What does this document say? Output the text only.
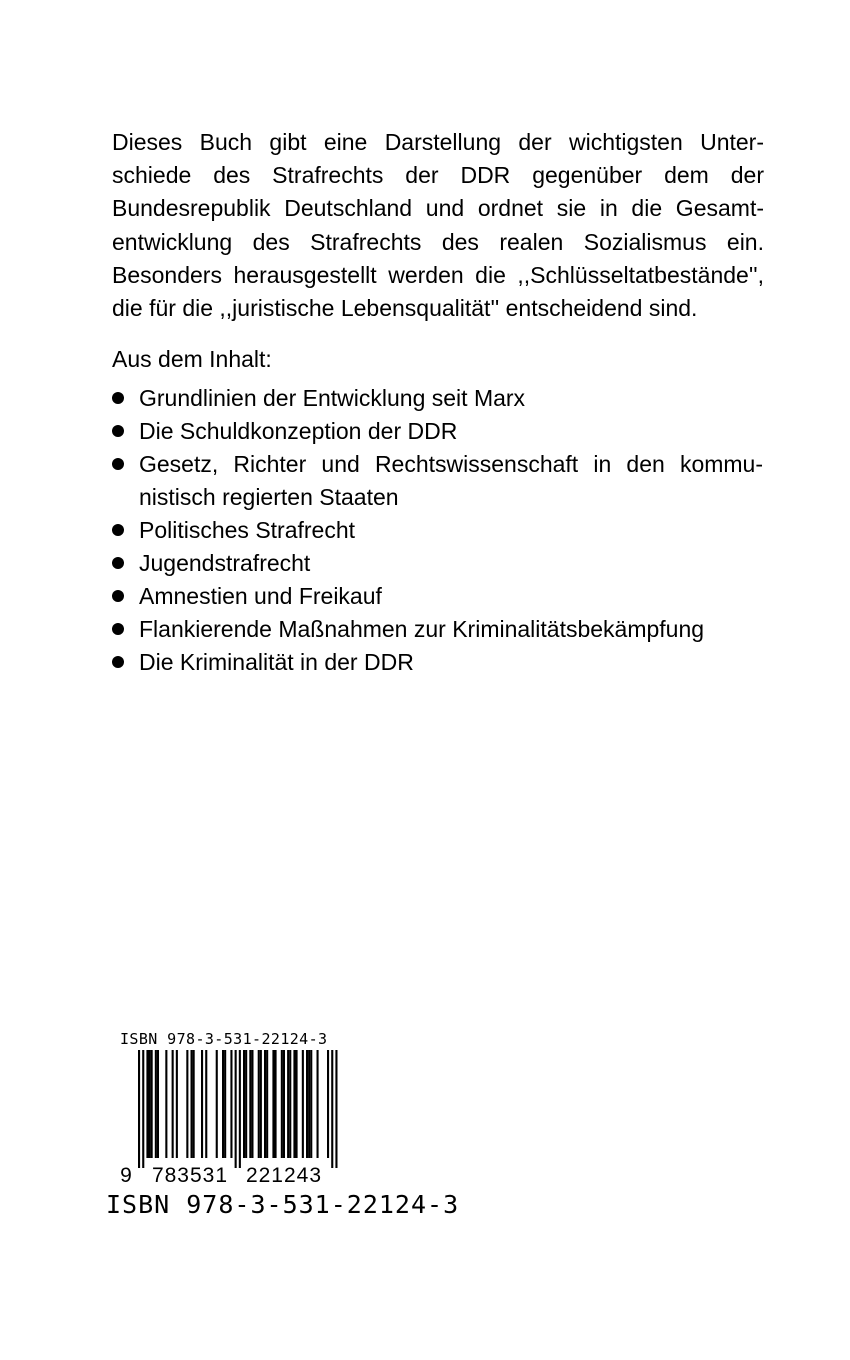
Dieses Buch gibt eine Darstellung der wichtigsten Unter-
schiede des Strafrechts der DDR gegenüber dem der
Bundesrepublik Deutschland und ordnet sie in die Gesamt-
entwicklung des Strafrechts des realen Sozialismus ein.
Besonders herausgestellt werden die ,,Schlüsseltatbestände'',
die für die ,,juristische Lebensqualität'' entscheidend sind.
Aus dem Inhalt:
Grundlinien der Entwicklung seit Marx
Die Schuldkonzeption der DDR
Gesetz, Richter und Rechtswissenschaft in den kommu-
nistisch regierten Staaten
Politisches Strafrecht
Jugendstrafrecht
Amnestien und Freikauf
Flankierende Maßnahmen zur Kriminalitätsbekämpfung
Die Kriminalität in der DDR
ISBN 978-3-531-22124-3
9 783531 221243
ISBN 978-3-531-22124-3
